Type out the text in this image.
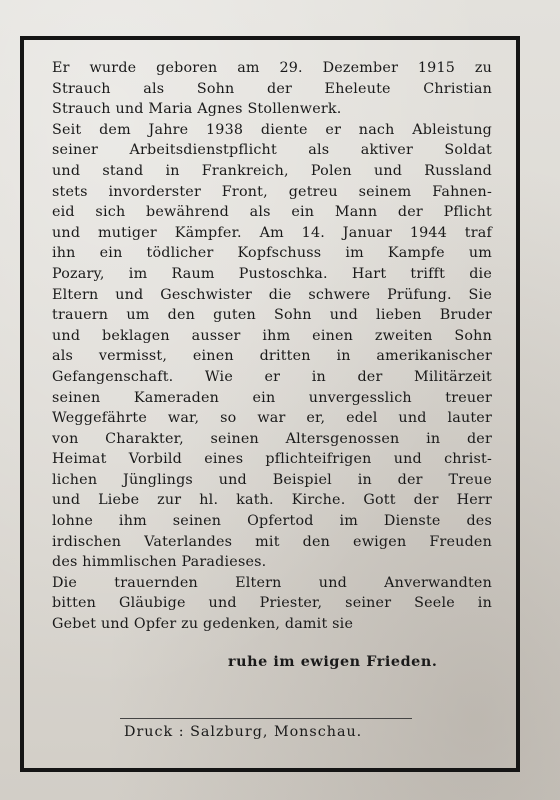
Er wurde geboren am 29. Dezember 1915 zu
Strauch als Sohn der Eheleute Christian
Strauch und Maria Agnes Stollenwerk.
Seit dem Jahre 1938 diente er nach Ableistung
seiner Arbeitsdienstpflicht als aktiver Soldat
und stand in Frankreich, Polen und Russland
stets invorderster Front, getreu seinem Fahnen-
eid sich bewährend als ein Mann der Pflicht
und mutiger Kämpfer. Am 14. Januar 1944 traf
ihn ein tödlicher Kopfschuss im Kampfe um
Pozary, im Raum Pustoschka. Hart trifft die
Eltern und Geschwister die schwere Prüfung. Sie
trauern um den guten Sohn und lieben Bruder
und beklagen ausser ihm einen zweiten Sohn
als vermisst, einen dritten in amerikanischer
Gefangenschaft. Wie er in der Militärzeit
seinen Kameraden ein unvergesslich treuer
Weggefährte war, so war er, edel und lauter
von Charakter, seinen Altersgenossen in der
Heimat Vorbild eines pflichteifrigen und christ-
lichen Jünglings und Beispiel in der Treue
und Liebe zur hl. kath. Kirche. Gott der Herr
lohne ihm seinen Opfertod im Dienste des
irdischen Vaterlandes mit den ewigen Freuden
des himmlischen Paradieses.
Die trauernden Eltern und Anverwandten
bitten Gläubige und Priester, seiner Seele in
Gebet und Opfer zu gedenken, damit sie
ruhe im ewigen Frieden.
Druck : Salzburg, Monschau.
